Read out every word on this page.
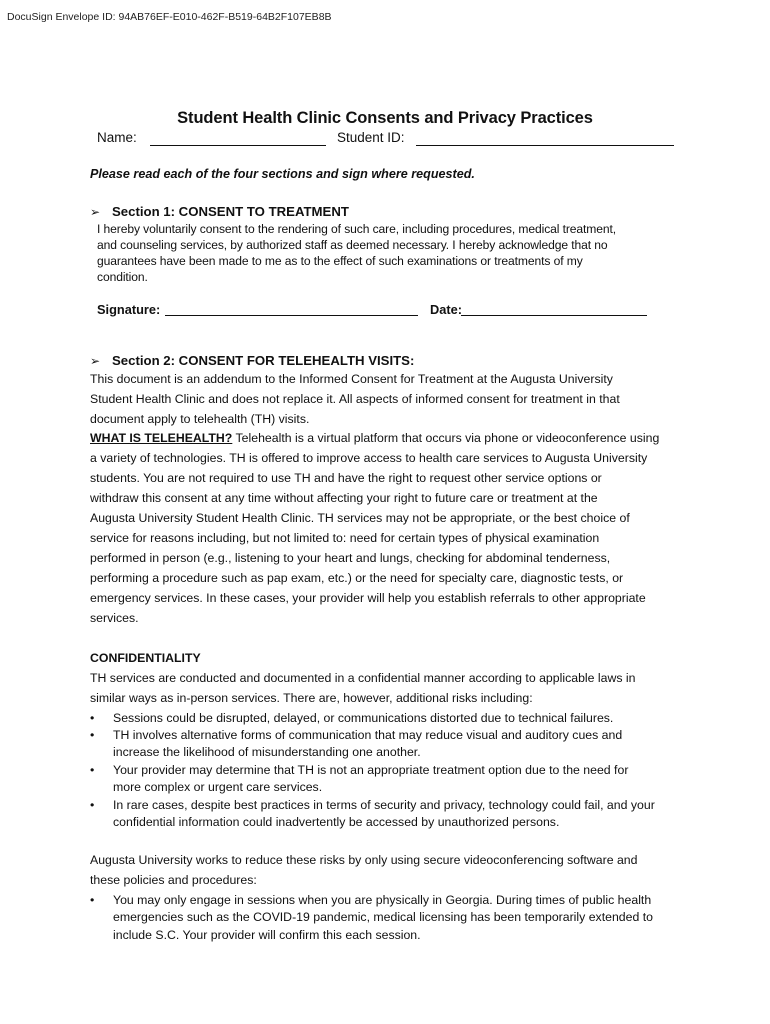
DocuSign Envelope ID: 94AB76EF-E010-462F-B519-64B2F107EB8B
Student Health Clinic Consents and Privacy Practices
Name:	Student ID:
Please read each of the four sections and sign where requested.
➢ Section 1: CONSENT TO TREATMENT
I hereby voluntarily consent to the rendering of such care, including procedures, medical treatment,
and counseling services, by authorized staff as deemed necessary. I hereby acknowledge that no
guarantees have been made to me as to the effect of such examinations or treatments of my
condition.
Signature:	Date:
➢ Section 2: CONSENT FOR TELEHEALTH VISITS:
This document is an addendum to the Informed Consent for Treatment at the Augusta University
Student Health Clinic and does not replace it. All aspects of informed consent for treatment in that
document apply to telehealth (TH) visits.
WHAT IS TELEHEALTH? Telehealth is a virtual platform that occurs via phone or videoconference using
a variety of technologies. TH is offered to improve access to health care services to Augusta University
students. You are not required to use TH and have the right to request other service options or
withdraw this consent at any time without affecting your right to future care or treatment at the
Augusta University Student Health Clinic. TH services may not be appropriate, or the best choice of
service for reasons including, but not limited to: need for certain types of physical examination
performed in person (e.g., listening to your heart and lungs, checking for abdominal tenderness,
performing a procedure such as pap exam, etc.) or the need for specialty care, diagnostic tests, or
emergency services. In these cases, your provider will help you establish referrals to other appropriate
services.
CONFIDENTIALITY
TH services are conducted and documented in a confidential manner according to applicable laws in
similar ways as in-person services. There are, however, additional risks including:
• Sessions could be disrupted, delayed, or communications distorted due to technical failures.
• TH involves alternative forms of communication that may reduce visual and auditory cues and
increase the likelihood of misunderstanding one another.
• Your provider may determine that TH is not an appropriate treatment option due to the need for
more complex or urgent care services.
• In rare cases, despite best practices in terms of security and privacy, technology could fail, and your
confidential information could inadvertently be accessed by unauthorized persons.
Augusta University works to reduce these risks by only using secure videoconferencing software and
these policies and procedures:
• You may only engage in sessions when you are physically in Georgia. During times of public health
emergencies such as the COVID-19 pandemic, medical licensing has been temporarily extended to
include S.C. Your provider will confirm this each session.
